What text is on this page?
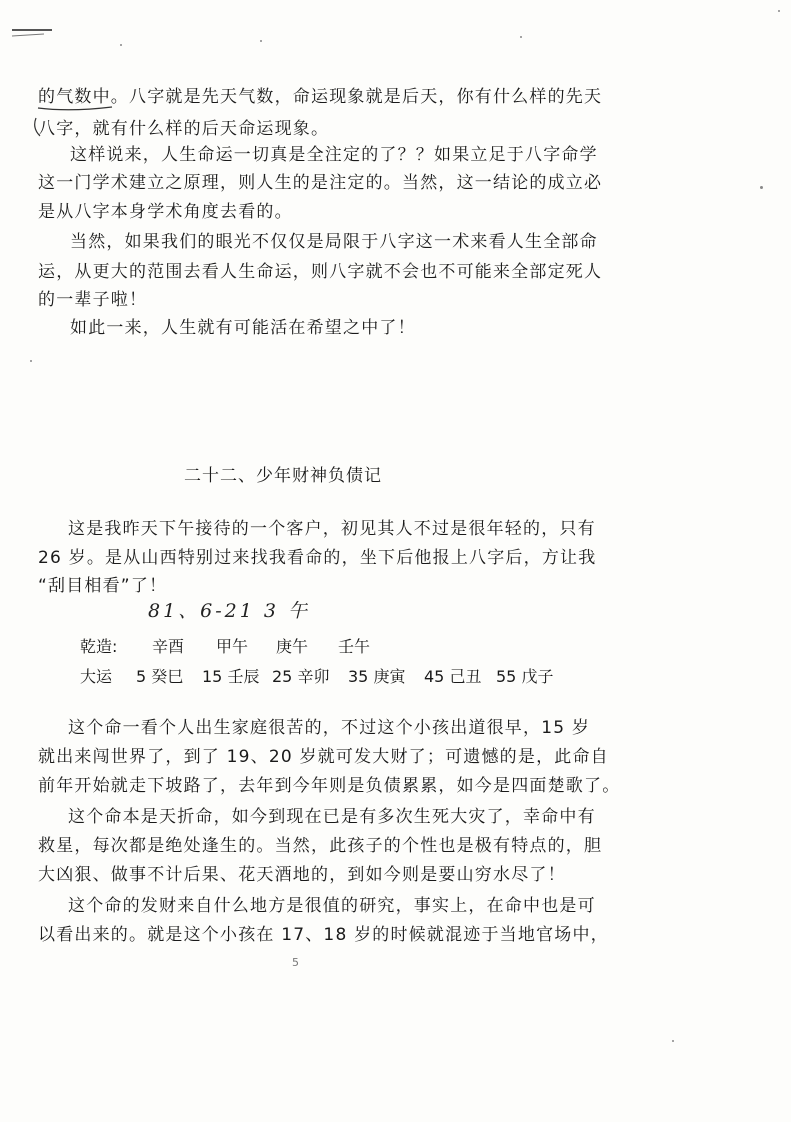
的气数中。八字就是先天气数，命运现象就是后天，你有什么样的先天
八字，就有什么样的后天命运现象。
这样说来，人生命运一切真是全注定的了？？如果立足于八字命学
这一门学术建立之原理，则人生的是注定的。当然，这一结论的成立必
是从八字本身学术角度去看的。
当然，如果我们的眼光不仅仅是局限于八字这一术来看人生全部命
运，从更大的范围去看人生命运，则八字就不会也不可能来全部定死人
的一辈子啦！
如此一来，人生就有可能活在希望之中了！
二十二、少年财神负债记
这是我昨天下午接待的一个客户，初见其人不过是很年轻的，只有
26 岁。是从山西特别过来找我看命的，坐下后他报上八字后，方让我
“刮目相看”了！
81、6-21 3 午
乾造: 辛酉 甲午 庚午 壬午
大运 5 癸巳 15 壬辰 25 辛卯 35 庚寅 45 己丑 55 戊子
这个命一看个人出生家庭很苦的，不过这个小孩出道很早，15 岁
就出来闯世界了，到了 19、20 岁就可发大财了；可遗憾的是，此命自
前年开始就走下坡路了，去年到今年则是负债累累，如今是四面楚歌了。
这个命本是天折命，如今到现在已是有多次生死大灾了，幸命中有
救星，每次都是绝处逢生的。当然，此孩子的个性也是极有特点的，胆
大凶狠、做事不计后果、花天酒地的，到如今则是要山穷水尽了！
这个命的发财来自什么地方是很值的研究，事实上，在命中也是可
以看出来的。就是这个小孩在 17、18 岁的时候就混迹于当地官场中，
5
